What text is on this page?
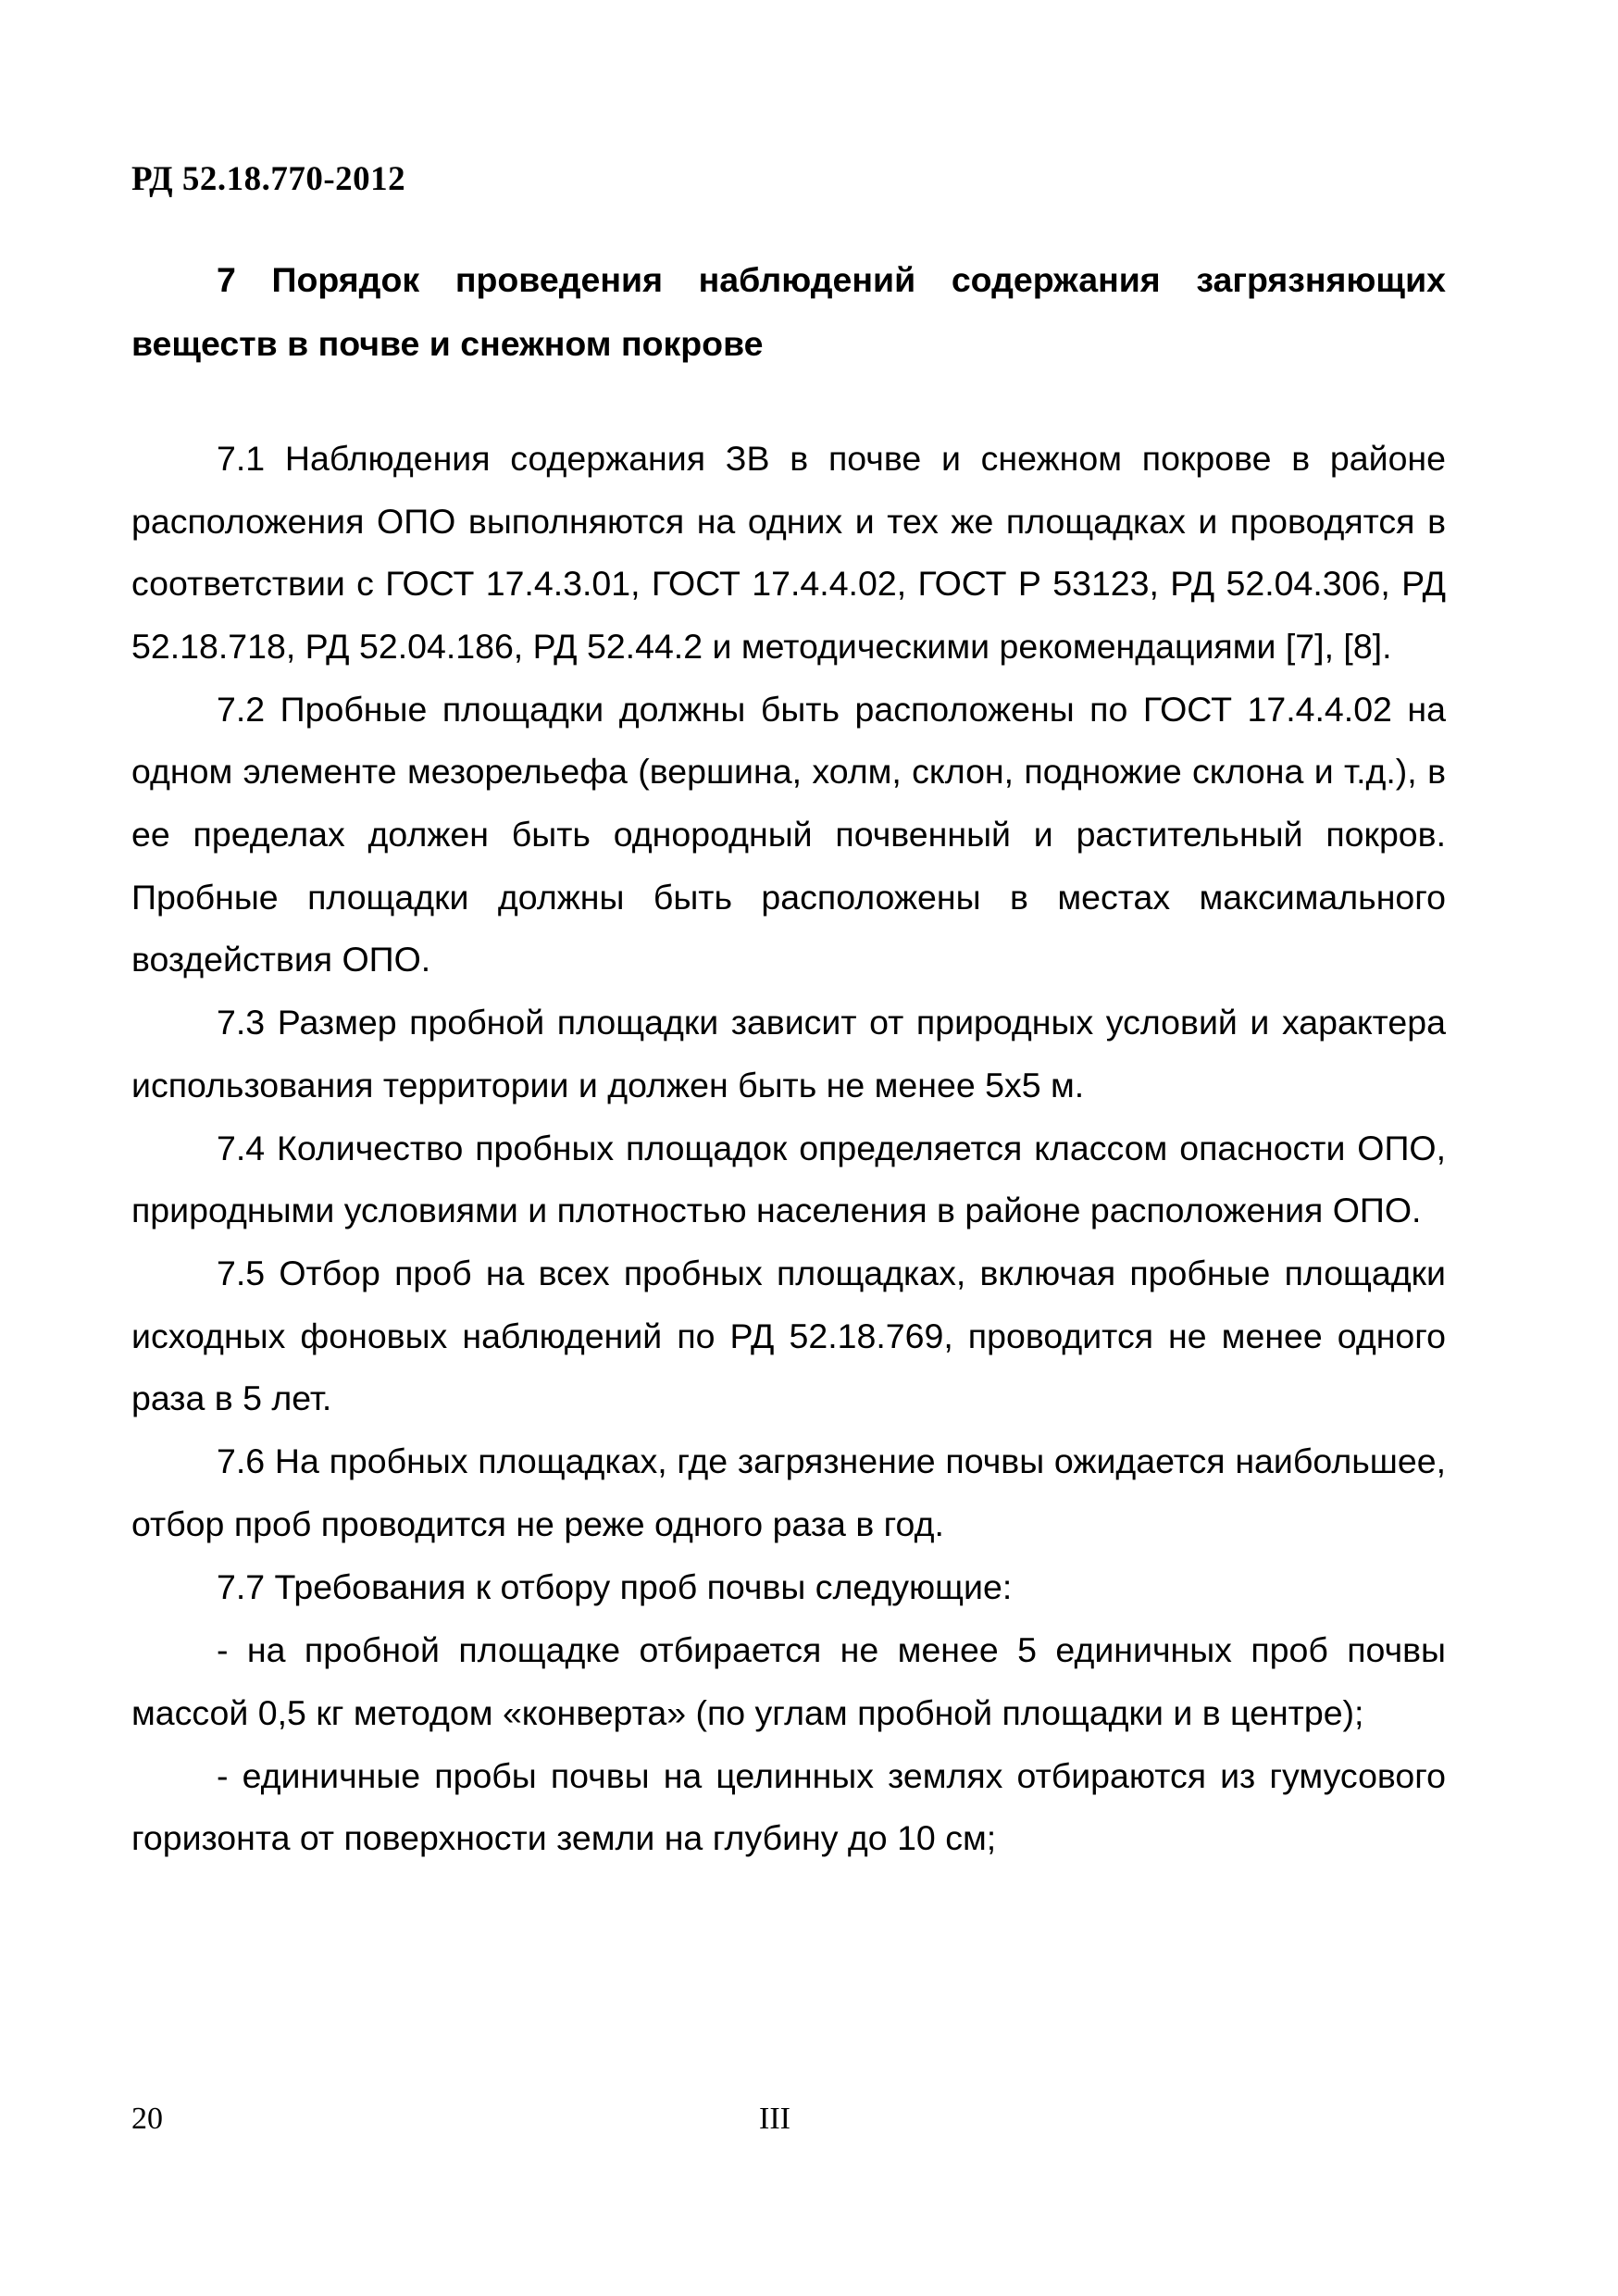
РД 52.18.770-2012
7 Порядок проведения наблюдений содержания загрязняющих веществ в почве и снежном покрове

7.1 Наблюдения содержания ЗВ в почве и снежном покрове в районе расположения ОПО выполняются на одних и тех же площадках и проводятся в соответствии с ГОСТ 17.4.3.01, ГОСТ 17.4.4.02, ГОСТ Р 53123, РД 52.04.306, РД 52.18.718, РД 52.04.186, РД 52.44.2 и методическими рекомендациями [7], [8].

7.2 Пробные площадки должны быть расположены по ГОСТ 17.4.4.02 на одном элементе мезорельефа (вершина, холм, склон, подножие склона и т.д.), в ее пределах должен быть однородный почвенный и растительный покров. Пробные площадки должны быть расположены в местах максимального воздействия ОПО.

7.3 Размер пробной площадки зависит от природных условий и характера использования территории и должен быть не менее 5х5 м.

7.4 Количество пробных площадок определяется классом опасности ОПО, природными условиями и плотностью населения в районе расположения ОПО.

7.5 Отбор проб на всех пробных площадках, включая пробные площадки исходных фоновых наблюдений по РД 52.18.769, проводится не менее одного раза в 5 лет.

7.6 На пробных площадках, где загрязнение почвы ожидается наибольшее, отбор проб проводится не реже одного раза в год.

7.7 Требования к отбору проб почвы следующие:

- на пробной площадке отбирается не менее 5 единичных проб почвы массой 0,5 кг методом «конверта» (по углам пробной площадки и в центре);

- единичные пробы почвы на целинных землях отбираются из гумусового горизонта от поверхности земли на глубину до 10 см;

20	III
